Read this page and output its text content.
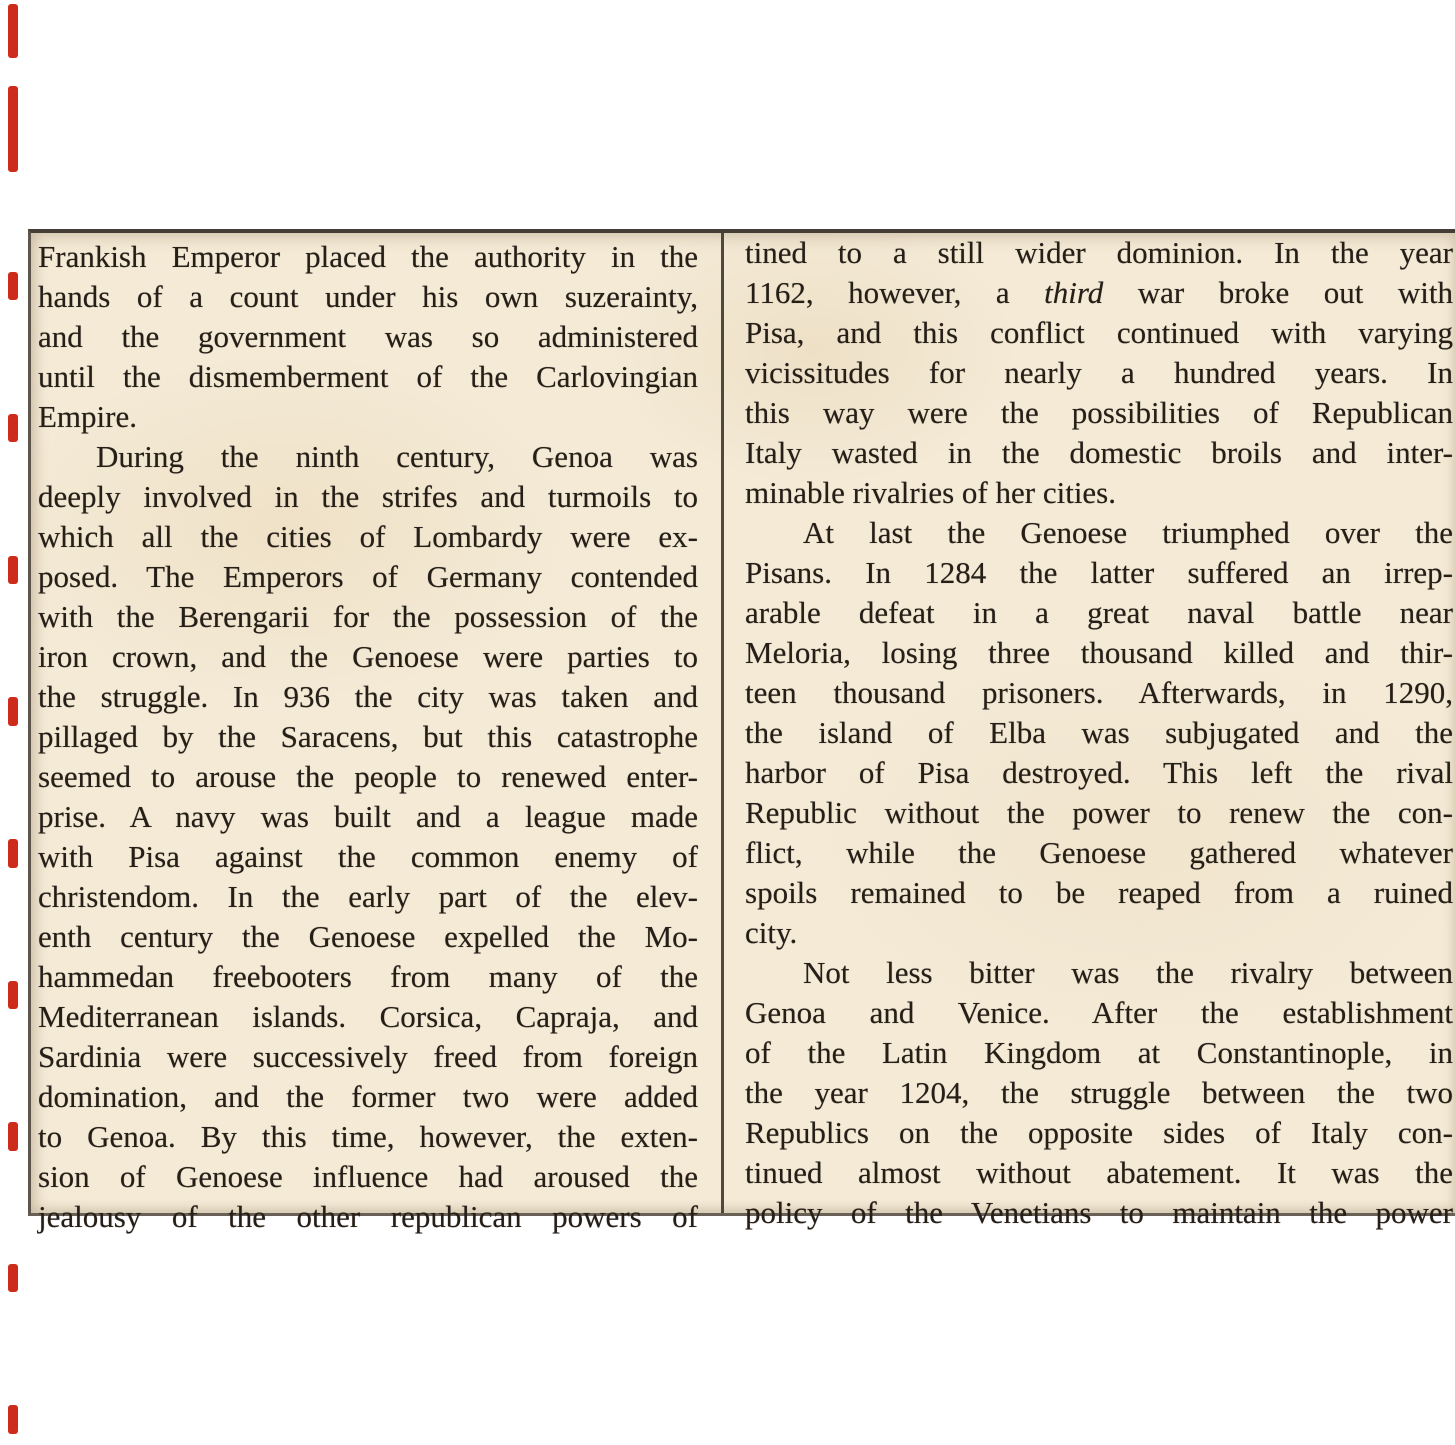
Frankish Emperor placed the authority in the
hands of a count under his own suzerainty,
and the government was so administered
until the dismemberment of the Carlovingian
Empire.
During the ninth century, Genoa was
deeply involved in the strifes and turmoils to
which all the cities of Lombardy were ex-
posed. The Emperors of Germany contended
with the Berengarii for the possession of the
iron crown, and the Genoese were parties to
the struggle. In 936 the city was taken and
pillaged by the Saracens, but this catastrophe
seemed to arouse the people to renewed enter-
prise. A navy was built and a league made
with Pisa against the common enemy of
christendom. In the early part of the elev-
enth century the Genoese expelled the Mo-
hammedan freebooters from many of the
Mediterranean islands. Corsica, Capraja, and
Sardinia were successively freed from foreign
domination, and the former two were added
to Genoa. By this time, however, the exten-
sion of Genoese influence had aroused the
jealousy of the other republican powers of
tined to a still wider dominion. In the year
1162, however, a third war broke out with
Pisa, and this conflict continued with varying
vicissitudes for nearly a hundred years. In
this way were the possibilities of Republican
Italy wasted in the domestic broils and inter-
minable rivalries of her cities.
At last the Genoese triumphed over the
Pisans. In 1284 the latter suffered an irrep-
arable defeat in a great naval battle near
Meloria, losing three thousand killed and thir-
teen thousand prisoners. Afterwards, in 1290,
the island of Elba was subjugated and the
harbor of Pisa destroyed. This left the rival
Republic without the power to renew the con-
flict, while the Genoese gathered whatever
spoils remained to be reaped from a ruined
city.
Not less bitter was the rivalry between
Genoa and Venice. After the establishment
of the Latin Kingdom at Constantinople, in
the year 1204, the struggle between the two
Republics on the opposite sides of Italy con-
tinued almost without abatement. It was the
policy of the Venetians to maintain the power
